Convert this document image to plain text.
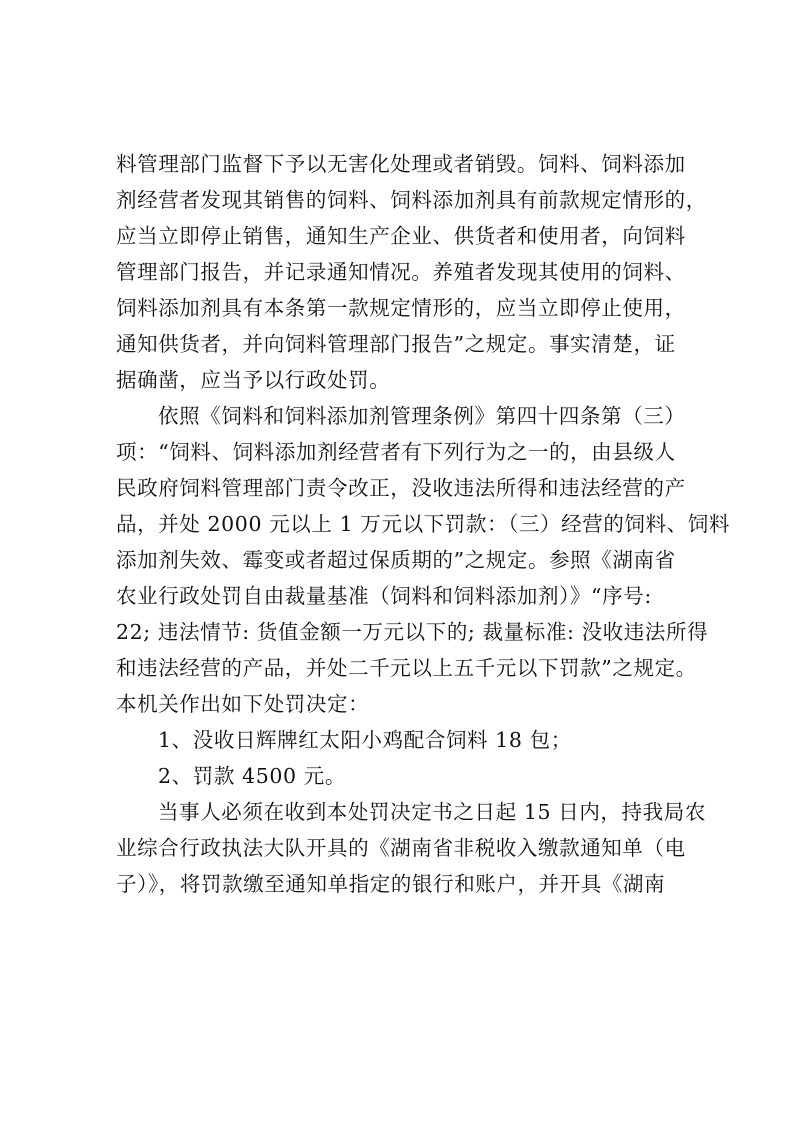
料管理部门监督下予以无害化处理或者销毁。饲料、饲料添加
剂经营者发现其销售的饲料、饲料添加剂具有前款规定情形的，
应当立即停止销售，通知生产企业、供货者和使用者，向饲料
管理部门报告，并记录通知情况。养殖者发现其使用的饲料、
饲料添加剂具有本条第一款规定情形的，应当立即停止使用，
通知供货者，并向饲料管理部门报告”之规定。事实清楚，证
据确凿，应当予以行政处罚。
依照《饲料和饲料添加剂管理条例》第四十四条第（三）
项：“饲料、饲料添加剂经营者有下列行为之一的，由县级人
民政府饲料管理部门责令改正，没收违法所得和违法经营的产
品，并处 2000 元以上 1 万元以下罚款：（三）经营的饲料、饲料
添加剂失效、霉变或者超过保质期的”之规定。参照《湖南省
农业行政处罚自由裁量基准（饲料和饲料添加剂）》“序号:
22; 违法情节: 货值金额一万元以下的; 裁量标准: 没收违法所得
和违法经营的产品，并处二千元以上五千元以下罚款”之规定。
本机关作出如下处罚决定：
1、没收日辉牌红太阳小鸡配合饲料 18 包；
2、罚款 4500 元。
当事人必须在收到本处罚决定书之日起 15 日内，持我局农
业综合行政执法大队开具的《湖南省非税收入缴款通知单（电
子）》，将罚款缴至通知单指定的银行和账户，并开具《湖南
